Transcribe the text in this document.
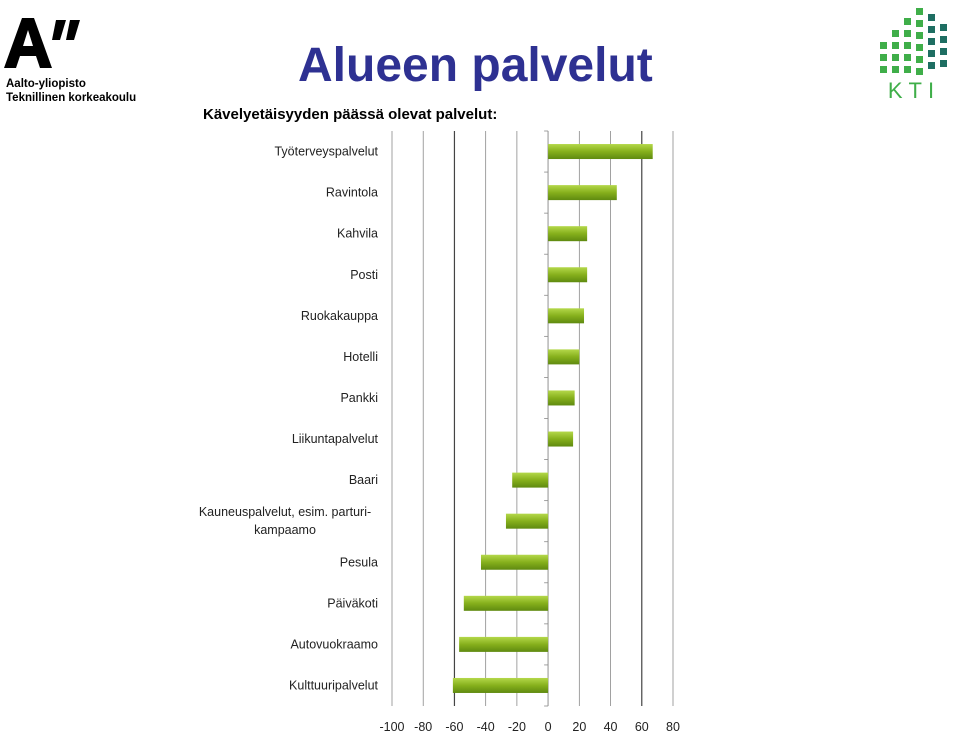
Aalto-yliopisto
Teknillinen korkeakoulu
Alueen palvelut	KTI
Kävelyetäisyyden päässä olevat palvelut:
Työterveyspalvelut
Ravintola
Kahvila
Posti
Ruokakauppa
Hotelli
Pankki
Liikuntapalvelut
Baari
Kauneuspalvelut, esim. parturi-kampaamo
Pesula
Päiväkoti
Autovuokraamo
Kulttuuripalvelut
-100 -80 -60 -40 -20 0 20 40 60 80
